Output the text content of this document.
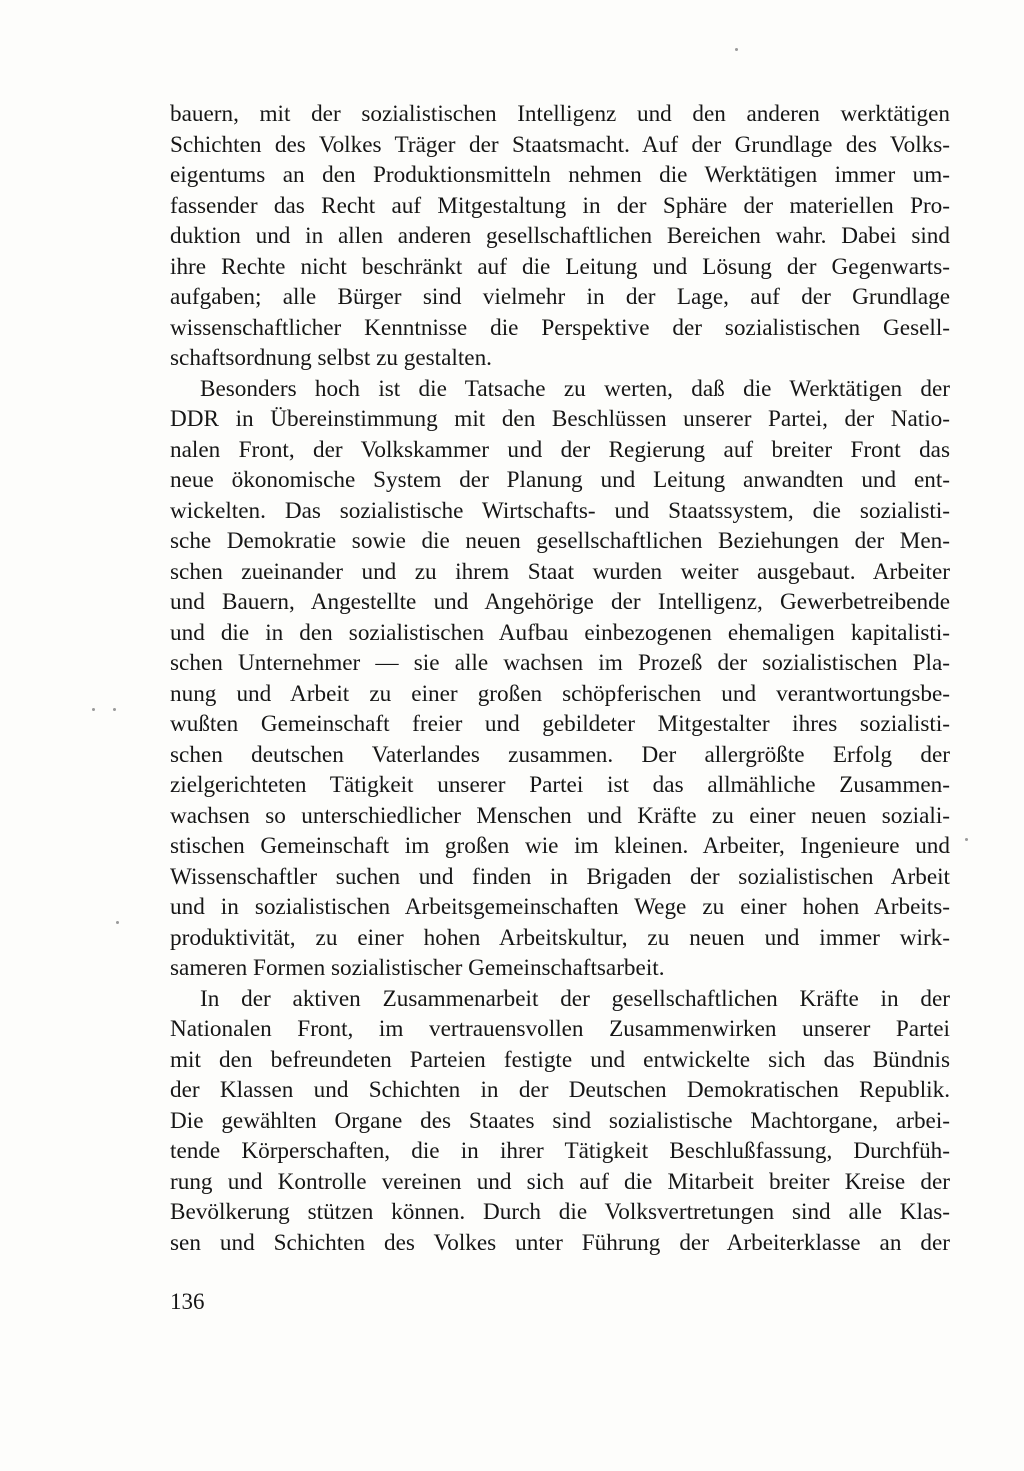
bauern, mit der sozialistischen Intelligenz und den anderen werktätigen
Schichten des Volkes Träger der Staatsmacht. Auf der Grundlage des Volks-
eigentums an den Produktionsmitteln nehmen die Werktätigen immer um-
fassender das Recht auf Mitgestaltung in der Sphäre der materiellen Pro-
duktion und in allen anderen gesellschaftlichen Bereichen wahr. Dabei sind
ihre Rechte nicht beschränkt auf die Leitung und Lösung der Gegenwarts-
aufgaben; alle Bürger sind vielmehr in der Lage, auf der Grundlage
wissenschaftlicher Kenntnisse die Perspektive der sozialistischen Gesell-
schaftsordnung selbst zu gestalten.
Besonders hoch ist die Tatsache zu werten, daß die Werktätigen der
DDR in Übereinstimmung mit den Beschlüssen unserer Partei, der Natio-
nalen Front, der Volkskammer und der Regierung auf breiter Front das
neue ökonomische System der Planung und Leitung anwandten und ent-
wickelten. Das sozialistische Wirtschafts- und Staatssystem, die sozialisti-
sche Demokratie sowie die neuen gesellschaftlichen Beziehungen der Men-
schen zueinander und zu ihrem Staat wurden weiter ausgebaut. Arbeiter
und Bauern, Angestellte und Angehörige der Intelligenz, Gewerbetreibende
und die in den sozialistischen Aufbau einbezogenen ehemaligen kapitalisti-
schen Unternehmer — sie alle wachsen im Prozeß der sozialistischen Pla-
nung und Arbeit zu einer großen schöpferischen und verantwortungsbe-
wußten Gemeinschaft freier und gebildeter Mitgestalter ihres sozialisti-
schen deutschen Vaterlandes zusammen. Der allergrößte Erfolg der
zielgerichteten Tätigkeit unserer Partei ist das allmähliche Zusammen-
wachsen so unterschiedlicher Menschen und Kräfte zu einer neuen soziali-
stischen Gemeinschaft im großen wie im kleinen. Arbeiter, Ingenieure und
Wissenschaftler suchen und finden in Brigaden der sozialistischen Arbeit
und in sozialistischen Arbeitsgemeinschaften Wege zu einer hohen Arbeits-
produktivität, zu einer hohen Arbeitskultur, zu neuen und immer wirk-
sameren Formen sozialistischer Gemeinschaftsarbeit.
In der aktiven Zusammenarbeit der gesellschaftlichen Kräfte in der
Nationalen Front, im vertrauensvollen Zusammenwirken unserer Partei
mit den befreundeten Parteien festigte und entwickelte sich das Bündnis
der Klassen und Schichten in der Deutschen Demokratischen Republik.
Die gewählten Organe des Staates sind sozialistische Machtorgane, arbei-
tende Körperschaften, die in ihrer Tätigkeit Beschlußfassung, Durchfüh-
rung und Kontrolle vereinen und sich auf die Mitarbeit breiter Kreise der
Bevölkerung stützen können. Durch die Volksvertretungen sind alle Klas-
sen und Schichten des Volkes unter Führung der Arbeiterklasse an der
136
